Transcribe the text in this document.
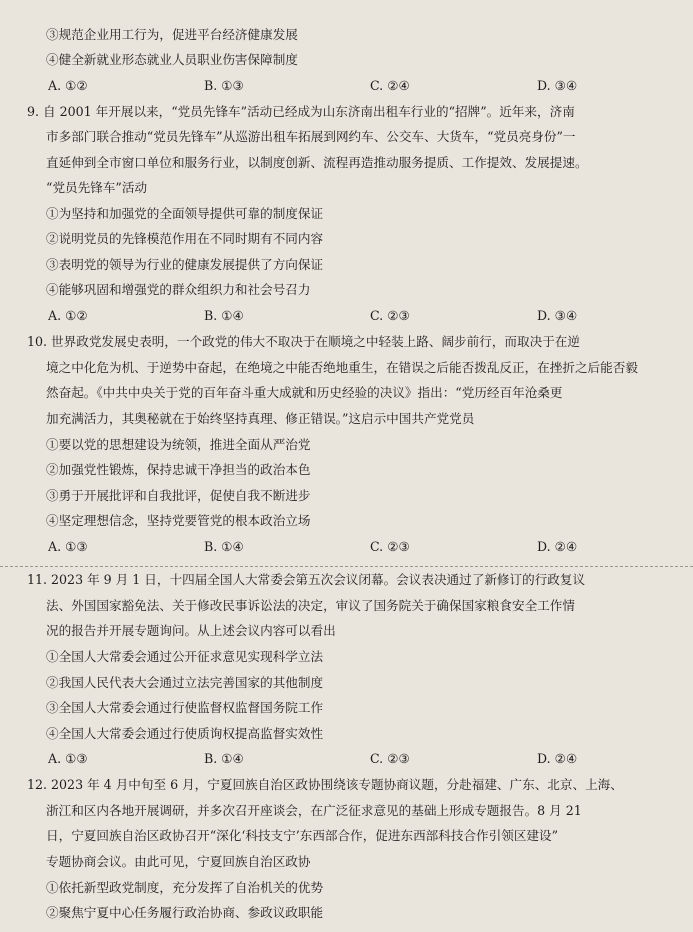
③规范企业用工行为，促进平台经济健康发展
④健全新就业形态就业人员职业伤害保障制度
A. ①②	B. ①③	C. ②④	D. ③④
9. 自 2001 年开展以来，“党员先锋车”活动已经成为山东济南出租车行业的“招牌”。近年来，济南
市多部门联合推动“党员先锋车”从巡游出租车拓展到网约车、公交车、大货车，“党员亮身份”一
直延伸到全市窗口单位和服务行业，以制度创新、流程再造推动服务提质、工作提效、发展提速。
“党员先锋车”活动
①为坚持和加强党的全面领导提供可靠的制度保证
②说明党员的先锋模范作用在不同时期有不同内容
③表明党的领导为行业的健康发展提供了方向保证
④能够巩固和增强党的群众组织力和社会号召力
A. ①②	B. ①④	C. ②③	D. ③④
10. 世界政党发展史表明，一个政党的伟大不取决于在顺境之中轻装上路、阔步前行，而取决于在逆
境之中化危为机、于逆势中奋起，在绝境之中能否绝地重生，在错误之后能否拨乱反正，在挫折之后能否毅
然奋起。《中共中央关于党的百年奋斗重大成就和历史经验的决议》指出：“党历经百年沧桑更
加充满活力，其奥秘就在于始终坚持真理、修正错误。”这启示中国共产党党员
①要以党的思想建设为统领，推进全面从严治党
②加强党性锻炼，保持忠诚干净担当的政治本色
③勇于开展批评和自我批评，促使自我不断进步
④坚定理想信念，坚持党要管党的根本政治立场
A. ①③	B. ①④	C. ②③	D. ②④
11. 2023 年 9 月 1 日，十四届全国人大常委会第五次会议闭幕。会议表决通过了新修订的行政复议
法、外国国家豁免法、关于修改民事诉讼法的决定，审议了国务院关于确保国家粮食安全工作情
况的报告并开展专题询问。从上述会议内容可以看出
①全国人大常委会通过公开征求意见实现科学立法
②我国人民代表大会通过立法完善国家的其他制度
③全国人大常委会通过行使监督权监督国务院工作
④全国人大常委会通过行使质询权提高监督实效性
A. ①③	B. ①④	C. ②③	D. ②④
12. 2023 年 4 月中旬至 6 月，宁夏回族自治区政协围绕该专题协商议题，分赴福建、广东、北京、上海、
浙江和区内各地开展调研，并多次召开座谈会，在广泛征求意见的基础上形成专题报告。8 月 21
日，宁夏回族自治区政协召开“深化‘科技支宁’东西部合作，促进东西部科技合作引领区建设”
专题协商会议。由此可见，宁夏回族自治区政协
①依托新型政党制度，充分发挥了自治机关的优势
②聚焦宁夏中心任务履行政治协商、参政议政职能
